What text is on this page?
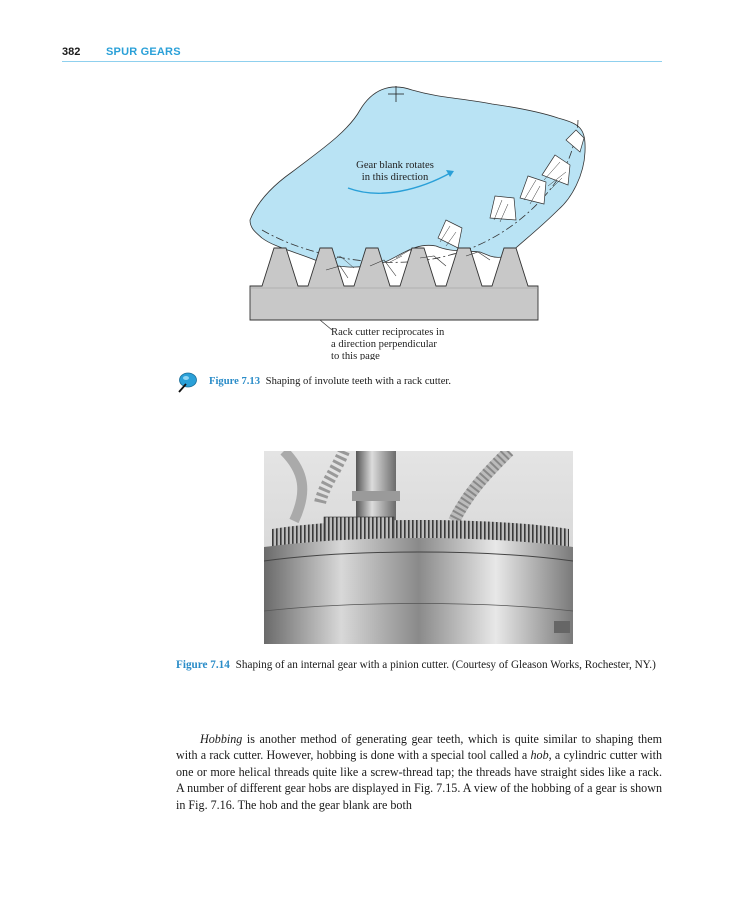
382 SPUR GEARS
Gear blank rotates
in this direction
Rack cutter reciprocates in
a direction perpendicular
to this page
Figure 7.13 Shaping of involute teeth with a rack cutter.
Figure 7.14 Shaping of an internal gear with a pinion cutter. (Courtesy of Gleason Works, Rochester, NY.)

Hobbing is another method of generating gear teeth, which is quite similar to shaping them with a rack cutter. However, hobbing is done with a special tool called a hob, a cylindric cutter with one or more helical threads quite like a screw-thread tap; the threads have straight sides like a rack. A number of different gear hobs are displayed in Fig. 7.15. A view of the hobbing of a gear is shown in Fig. 7.16. The hob and the gear blank are both
